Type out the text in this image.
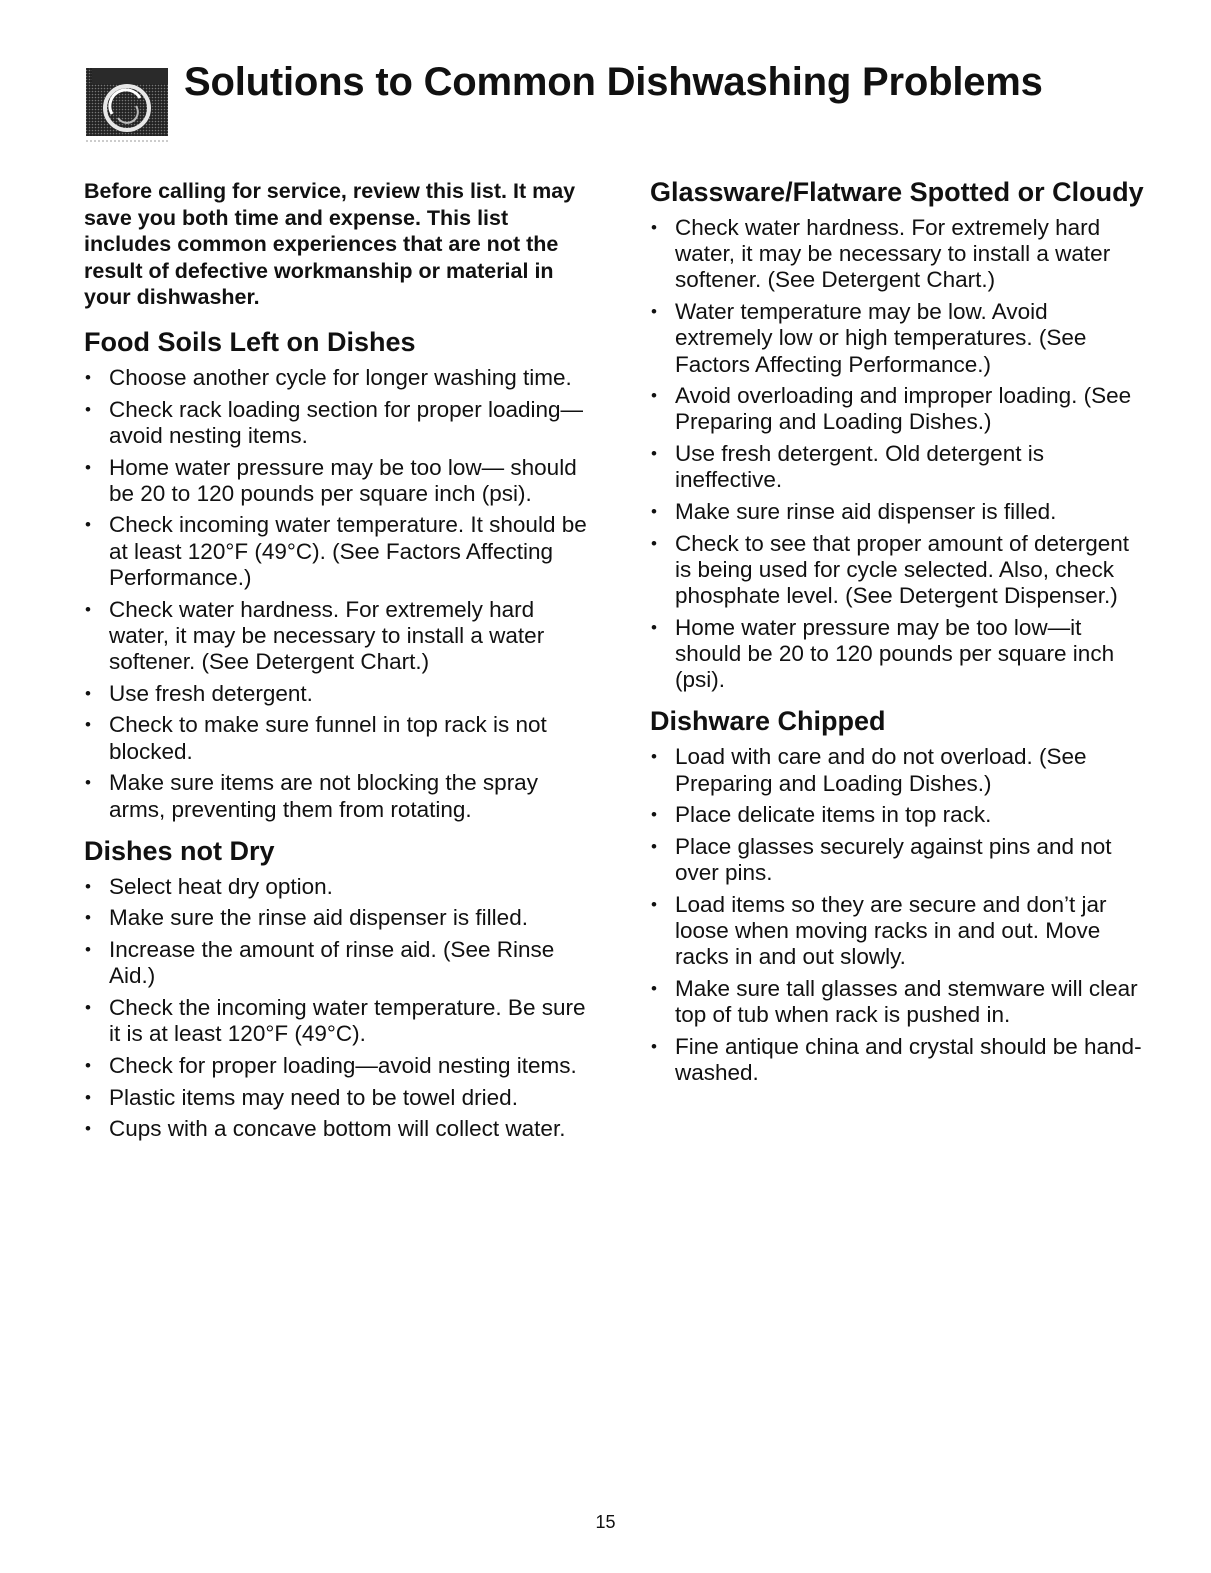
Solutions to Common Dishwashing Problems

Before calling for service, review this list. It may save you both time and expense. This list includes common experiences that are not the result of defective workmanship or material in your dishwasher.

Food Soils Left on Dishes
• Choose another cycle for longer washing time.
• Check rack loading section for proper loading—avoid nesting items.
• Home water pressure may be too low— should be 20 to 120 pounds per square inch (psi).
• Check incoming water temperature. It should be at least 120°F (49°C). (See Factors Affecting Performance.)
• Check water hardness. For extremely hard water, it may be necessary to install a water softener. (See Detergent Chart.)
• Use fresh detergent.
• Check to make sure funnel in top rack is not blocked.
• Make sure items are not blocking the spray arms, preventing them from rotating.
Dishes not Dry
• Select heat dry option.
• Make sure the rinse aid dispenser is filled.
• Increase the amount of rinse aid. (See Rinse Aid.)
• Check the incoming water temperature. Be sure it is at least 120°F (49°C).
• Check for proper loading—avoid nesting items.
• Plastic items may need to be towel dried.
• Cups with a concave bottom will collect water.
Glassware/Flatware Spotted or Cloudy
• Check water hardness. For extremely hard water, it may be necessary to install a water softener. (See Detergent Chart.)
• Water temperature may be low. Avoid extremely low or high temperatures. (See Factors Affecting Performance.)
• Avoid overloading and improper loading. (See Preparing and Loading Dishes.)
• Use fresh detergent. Old detergent is ineffective.
• Make sure rinse aid dispenser is filled.
• Check to see that proper amount of detergent is being used for cycle selected. Also, check phosphate level. (See Detergent Dispenser.)
• Home water pressure may be too low—it should be 20 to 120 pounds per square inch (psi).
Dishware Chipped
• Load with care and do not overload. (See Preparing and Loading Dishes.)
• Place delicate items in top rack.
• Place glasses securely against pins and not over pins.
• Load items so they are secure and don’t jar loose when moving racks in and out. Move racks in and out slowly.
• Make sure tall glasses and stemware will clear top of tub when rack is pushed in.
• Fine antique china and crystal should be hand-washed.
15
